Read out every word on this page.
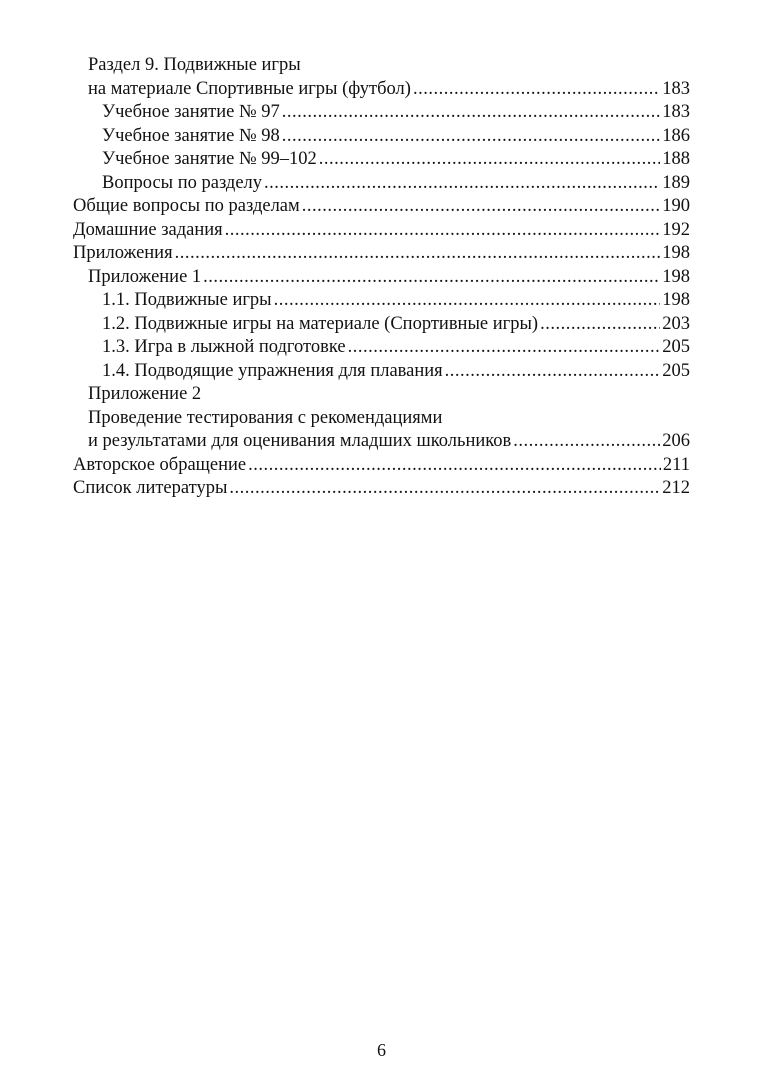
Раздел 9. Подвижные игры
на материале Спортивные игры (футбол) .....	183
Учебное занятие № 97 .....	183
Учебное занятие № 98 .....	186
Учебное занятие № 99–102 .....	188
Вопросы по разделу .....	189
Общие вопросы по разделам .....	190
Домашние задания .....	192
Приложения .....	198
Приложение 1 .....	198
1.1. Подвижные игры .....	198
1.2. Подвижные игры на материале (Спортивные игры) .....	203
1.3. Игра в лыжной подготовке .....	205
1.4. Подводящие упражнения для плавания .....	205
Приложение 2
Проведение тестирования с рекомендациями
и результатами для оценивания младших школьников .....	206
Авторское обращение .....	211
Список литературы .....	212
6
